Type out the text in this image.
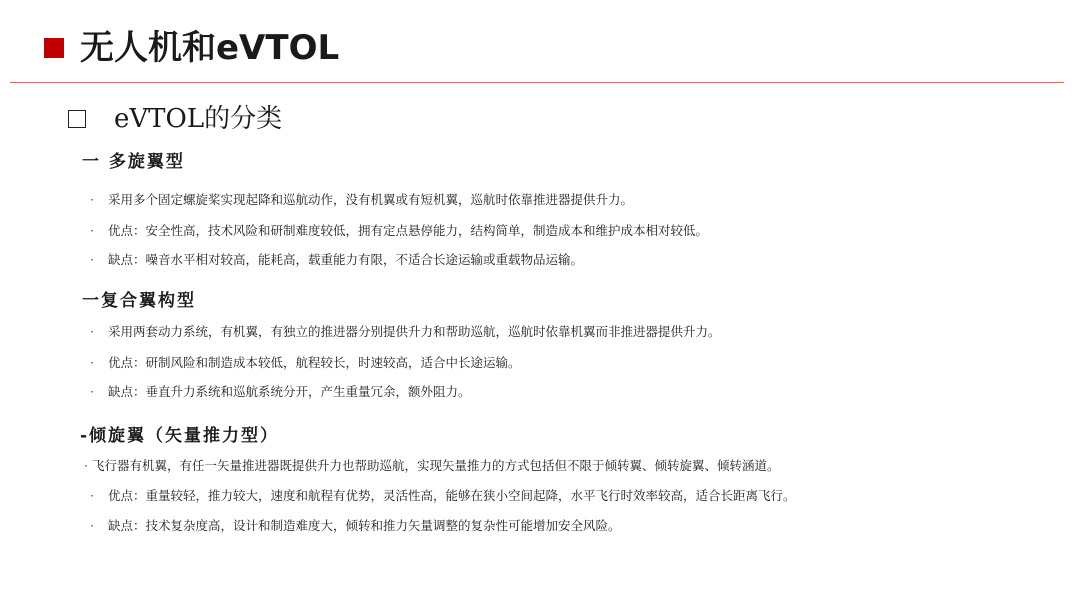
无人机和eVTOL
eVTOL的分类
一 多旋翼型
· 采用多个固定螺旋桨实现起降和巡航动作，没有机翼或有短机翼，巡航时依靠推进器提供升力。
· 优点：安全性高，技术风险和研制难度较低，拥有定点悬停能力，结构简单，制造成本和维护成本相对较低。
· 缺点：噪音水平相对较高，能耗高，载重能力有限，不适合长途运输或重载物品运输。
一复合翼构型
· 采用两套动力系统，有机翼，有独立的推进器分别提供升力和帮助巡航，巡航时依靠机翼而非推进器提供升力。
· 优点：研制风险和制造成本较低，航程较长，时速较高，适合中长途运输。
· 缺点：垂直升力系统和巡航系统分开，产生重量冗余，额外阻力。
-倾旋翼（矢量推力型）
· 飞行器有机翼，有任一矢量推进器既提供升力也帮助巡航，实现矢量推力的方式包括但不限于倾转翼、倾转旋翼、倾转涵道。
· 优点：重量较轻，推力较大，速度和航程有优势，灵活性高，能够在狭小空间起降，水平飞行时效率较高，适合长距离飞行。
· 缺点：技术复杂度高，设计和制造难度大，倾转和推力矢量调整的复杂性可能增加安全风险。
